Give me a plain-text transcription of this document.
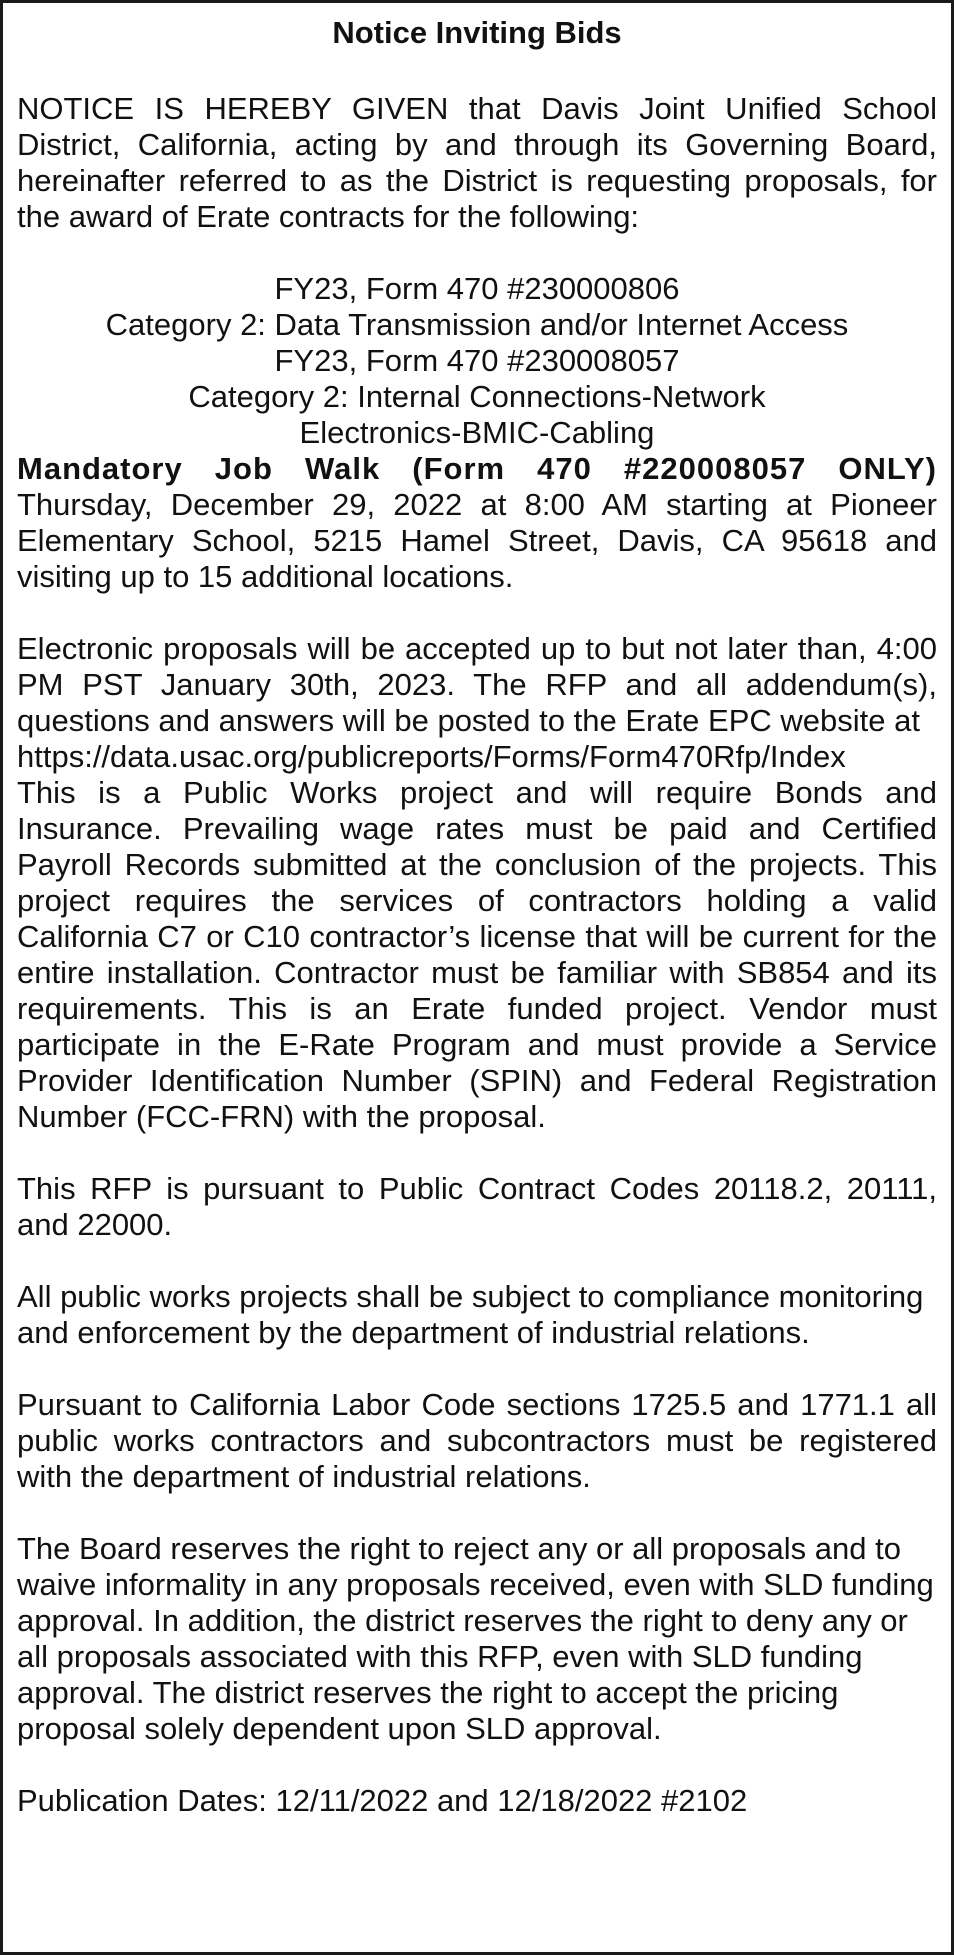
Notice Inviting Bids

NOTICE IS HEREBY GIVEN that Davis Joint Unified School District, California, acting by and through its Governing Board, hereinafter referred to as the District is requesting proposals, for the award of Erate contracts for the following:

FY23, Form 470 #230000806
Category 2: Data Transmission and/or Internet Access
FY23, Form 470 #230008057
Category 2: Internal Connections-Network
Electronics-BMIC-Cabling

Mandatory Job Walk (Form 470 #220008057 ONLY)

Thursday, December 29, 2022 at 8:00 AM starting at Pioneer Elementary School, 5215 Hamel Street, Davis, CA 95618 and visiting up to 15 additional locations.

Electronic proposals will be accepted up to but not later than, 4:00 PM PST January 30th, 2023. The RFP and all addendum(s), questions and answers will be posted to the Erate EPC website at

https://data.usac.org/publicreports/Forms/Form470Rfp/Index

This is a Public Works project and will require Bonds and Insurance. Prevailing wage rates must be paid and Certified Payroll Records submitted at the conclusion of the projects. This project requires the services of contractors holding a valid California C7 or C10 contractor’s license that will be current for the entire installation. Contractor must be familiar with SB854 and its requirements. This is an Erate funded project. Vendor must participate in the E-Rate Program and must provide a Service Provider Identification Number (SPIN) and Federal Registration Number (FCC-FRN) with the proposal.

This RFP is pursuant to Public Contract Codes 20118.2, 20111, and 22000.

All public works projects shall be subject to compliance monitoring and enforcement by the department of industrial relations.

Pursuant to California Labor Code sections 1725.5 and 1771.1 all public works contractors and subcontractors must be registered with the department of industrial relations.

The Board reserves the right to reject any or all proposals and to waive informality in any proposals received, even with SLD funding approval. In addition, the district reserves the right to deny any or all proposals associated with this RFP, even with SLD funding approval. The district reserves the right to accept the pricing proposal solely dependent upon SLD approval.

Publication Dates: 12/11/2022 and 12/18/2022 #2102
